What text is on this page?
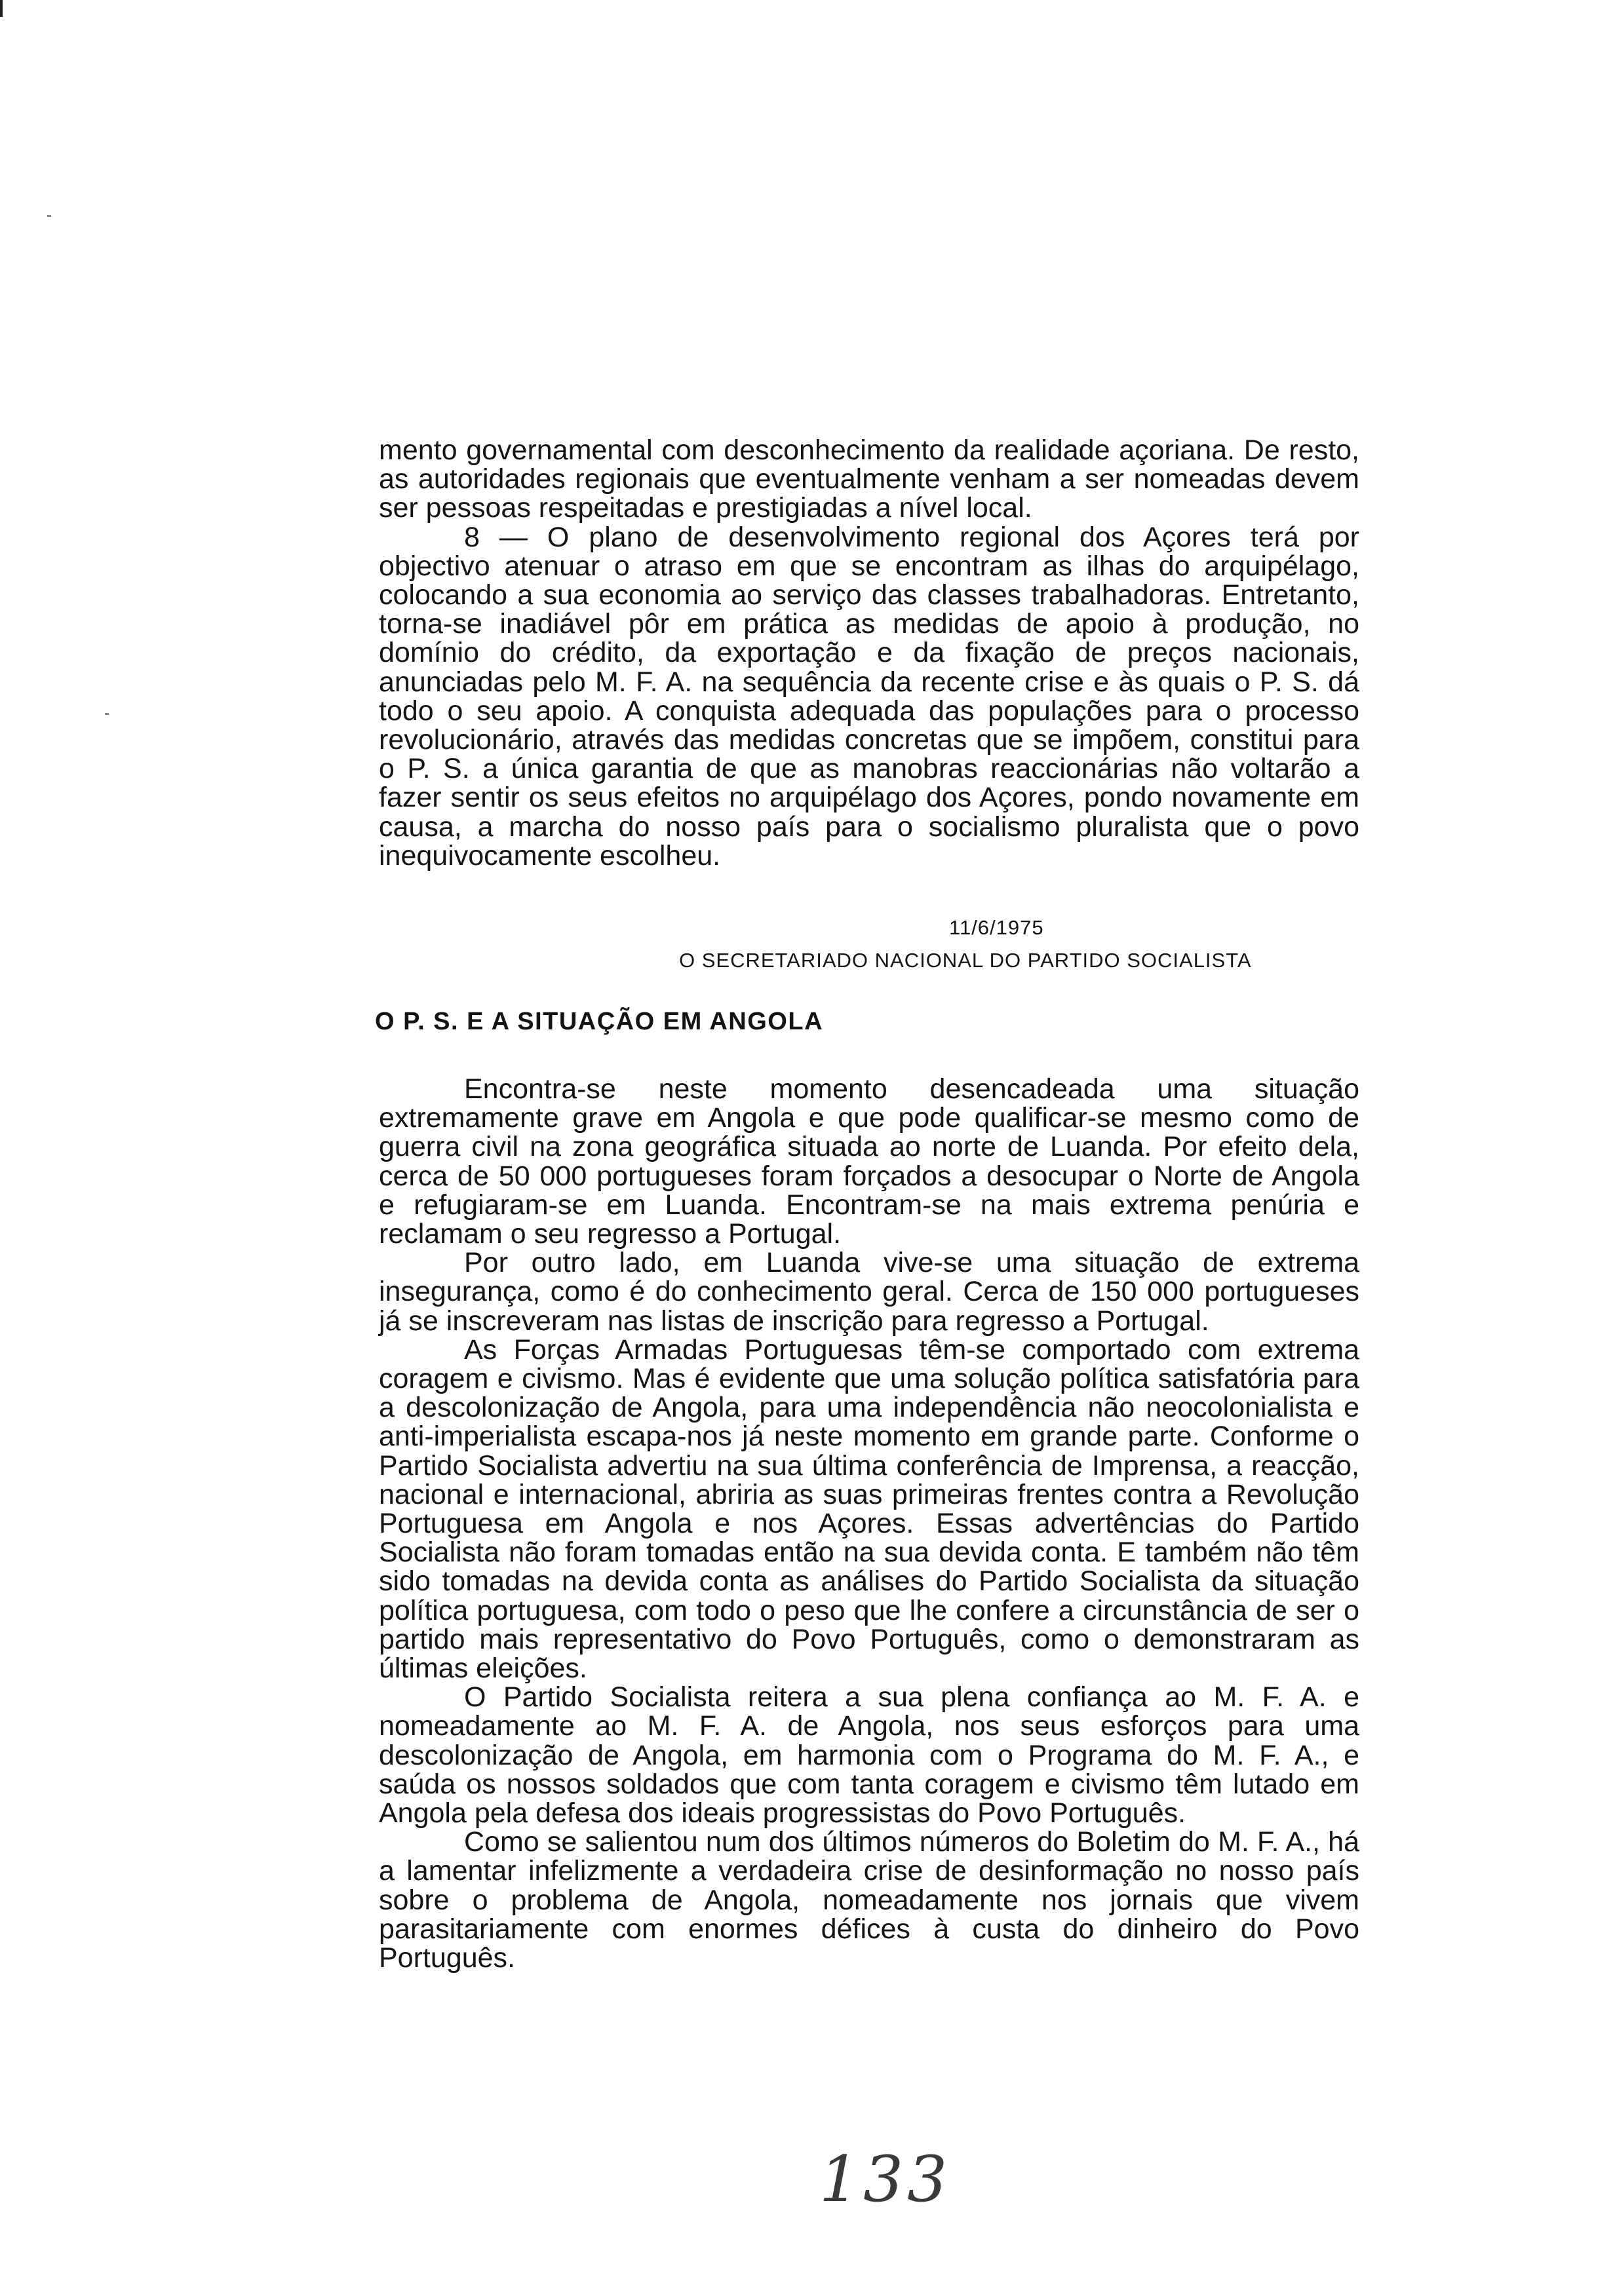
mento governamental com desconhecimento da realidade açoriana. De resto, as autoridades regionais que eventualmente venham a ser nomeadas devem ser pessoas respeitadas e prestigiadas a nível local.

8 — O plano de desenvolvimento regional dos Açores terá por objectivo atenuar o atraso em que se encontram as ilhas do arquipélago, colocando a sua economia ao serviço das classes trabalhadoras. Entretanto, torna-se inadiável pôr em prática as medidas de apoio à produção, no domínio do crédito, da exportação e da fixação de preços nacionais, anunciadas pelo M. F. A. na sequência da recente crise e às quais o P. S. dá todo o seu apoio. A conquista adequada das populações para o processo revolucionário, através das medidas concretas que se impõem, constitui para o P. S. a única garantia de que as manobras reaccionárias não voltarão a fazer sentir os seus efeitos no arquipélago dos Açores, pondo novamente em causa, a marcha do nosso país para o socialismo pluralista que o povo inequivocamente escolheu.

11/6/1975
O SECRETARIADO NACIONAL DO PARTIDO SOCIALISTA
O P. S. E A SITUAÇÃO EM ANGOLA

Encontra-se neste momento desencadeada uma situação extremamente grave em Angola e que pode qualificar-se mesmo como de guerra civil na zona geográfica situada ao norte de Luanda. Por efeito dela, cerca de 50 000 portugueses foram forçados a desocupar o Norte de Angola e refugiaram-se em Luanda. Encontram-se na mais extrema penúria e reclamam o seu regresso a Portugal.

Por outro lado, em Luanda vive-se uma situação de extrema insegurança, como é do conhecimento geral. Cerca de 150 000 portugueses já se inscreveram nas listas de inscrição para regresso a Portugal.

As Forças Armadas Portuguesas têm-se comportado com extrema coragem e civismo. Mas é evidente que uma solução política satisfatória para a descolonização de Angola, para uma independência não neocolonialista e anti-imperialista escapa-nos já neste momento em grande parte. Conforme o Partido Socialista advertiu na sua última conferência de Imprensa, a reacção, nacional e internacional, abriria as suas primeiras frentes contra a Revolução Portuguesa em Angola e nos Açores. Essas advertências do Partido Socialista não foram tomadas então na sua devida conta. E também não têm sido tomadas na devida conta as análises do Partido Socialista da situação política portuguesa, com todo o peso que lhe confere a circunstância de ser o partido mais representativo do Povo Português, como o demonstraram as últimas eleições.

O Partido Socialista reitera a sua plena confiança ao M. F. A. e nomeadamente ao M. F. A. de Angola, nos seus esforços para uma descolonização de Angola, em harmonia com o Programa do M. F. A., e saúda os nossos soldados que com tanta coragem e civismo têm lutado em Angola pela defesa dos ideais progressistas do Povo Português.

Como se salientou num dos últimos números do Boletim do M. F. A., há a lamentar infelizmente a verdadeira crise de desinformação no nosso país sobre o problema de Angola, nomeadamente nos jornais que vivem parasitariamente com enormes défices à custa do dinheiro do Povo Português.

133
